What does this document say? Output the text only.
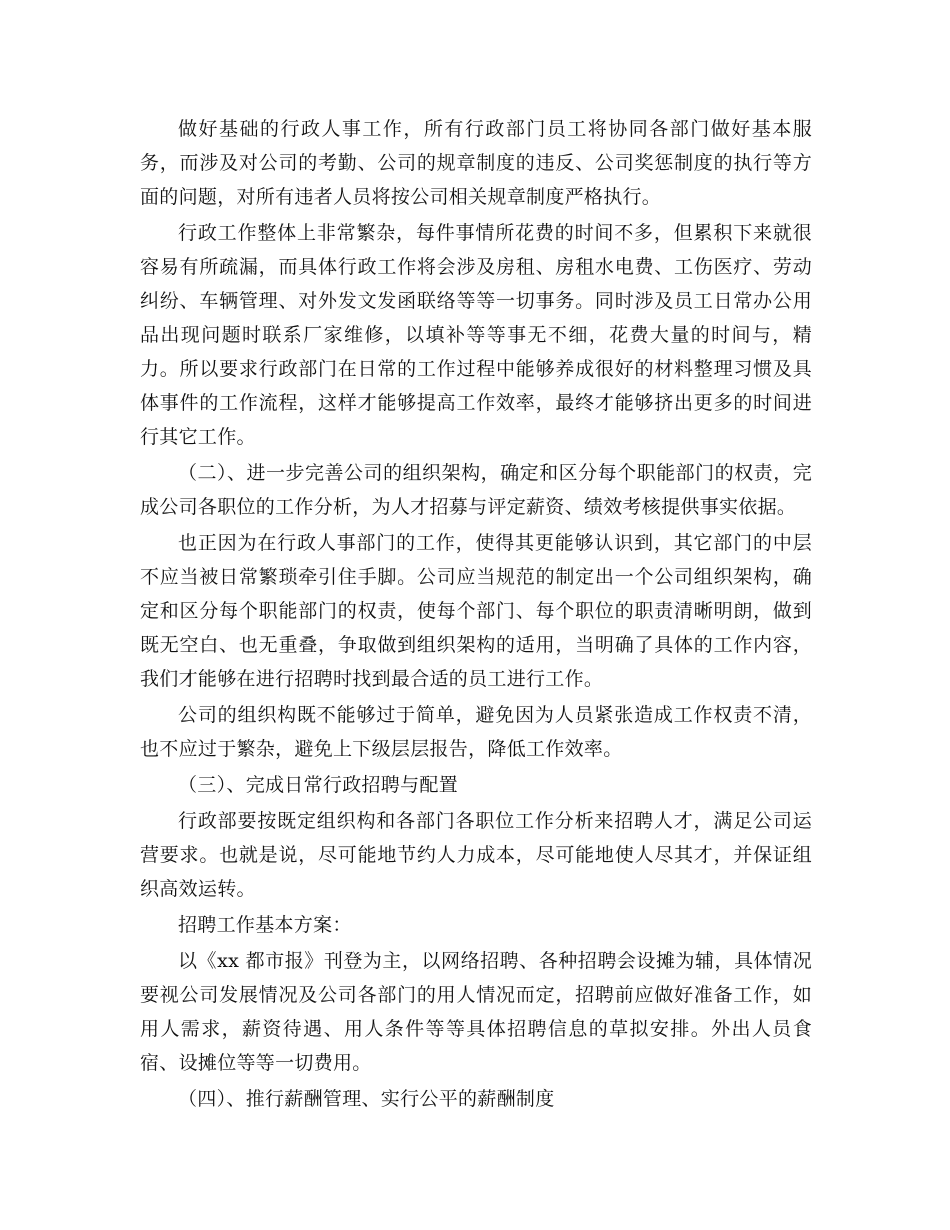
做好基础的行政人事工作，所有行政部门员工将协同各部门做好基本服务，而涉及对公司的考勤、公司的规章制度的违反、公司奖惩制度的执行等方面的问题，对所有违者人员将按公司相关规章制度严格执行。

行政工作整体上非常繁杂，每件事情所花费的时间不多，但累积下来就很容易有所疏漏，而具体行政工作将会涉及房租、房租水电费、工伤医疗、劳动纠纷、车辆管理、对外发文发函联络等等一切事务。同时涉及员工日常办公用品出现问题时联系厂家维修，以填补等等事无不细，花费大量的时间与，精力。所以要求行政部门在日常的工作过程中能够养成很好的材料整理习惯及具体事件的工作流程，这样才能够提高工作效率，最终才能够挤出更多的时间进行其它工作。

（二）、进一步完善公司的组织架构，确定和区分每个职能部门的权责，完成公司各职位的工作分析，为人才招募与评定薪资、绩效考核提供事实依据。

也正因为在行政人事部门的工作，使得其更能够认识到，其它部门的中层不应当被日常繁琐牵引住手脚。公司应当规范的制定出一个公司组织架构，确定和区分每个职能部门的权责，使每个部门、每个职位的职责清晰明朗，做到既无空白、也无重叠，争取做到组织架构的适用，当明确了具体的工作内容，我们才能够在进行招聘时找到最合适的员工进行工作。

公司的组织构既不能够过于简单，避免因为人员紧张造成工作权责不清，也不应过于繁杂，避免上下级层层报告，降低工作效率。

（三）、完成日常行政招聘与配置

行政部要按既定组织构和各部门各职位工作分析来招聘人才，满足公司运营要求。也就是说，尽可能地节约人力成本，尽可能地使人尽其才，并保证组织高效运转。

招聘工作基本方案：

以《xx 都市报》刊登为主，以网络招聘、各种招聘会设摊为辅，具体情况要视公司发展情况及公司各部门的用人情况而定，招聘前应做好准备工作，如用人需求，薪资待遇、用人条件等等具体招聘信息的草拟安排。外出人员食宿、设摊位等等一切费用。

（四）、推行薪酬管理、实行公平的薪酬制度
